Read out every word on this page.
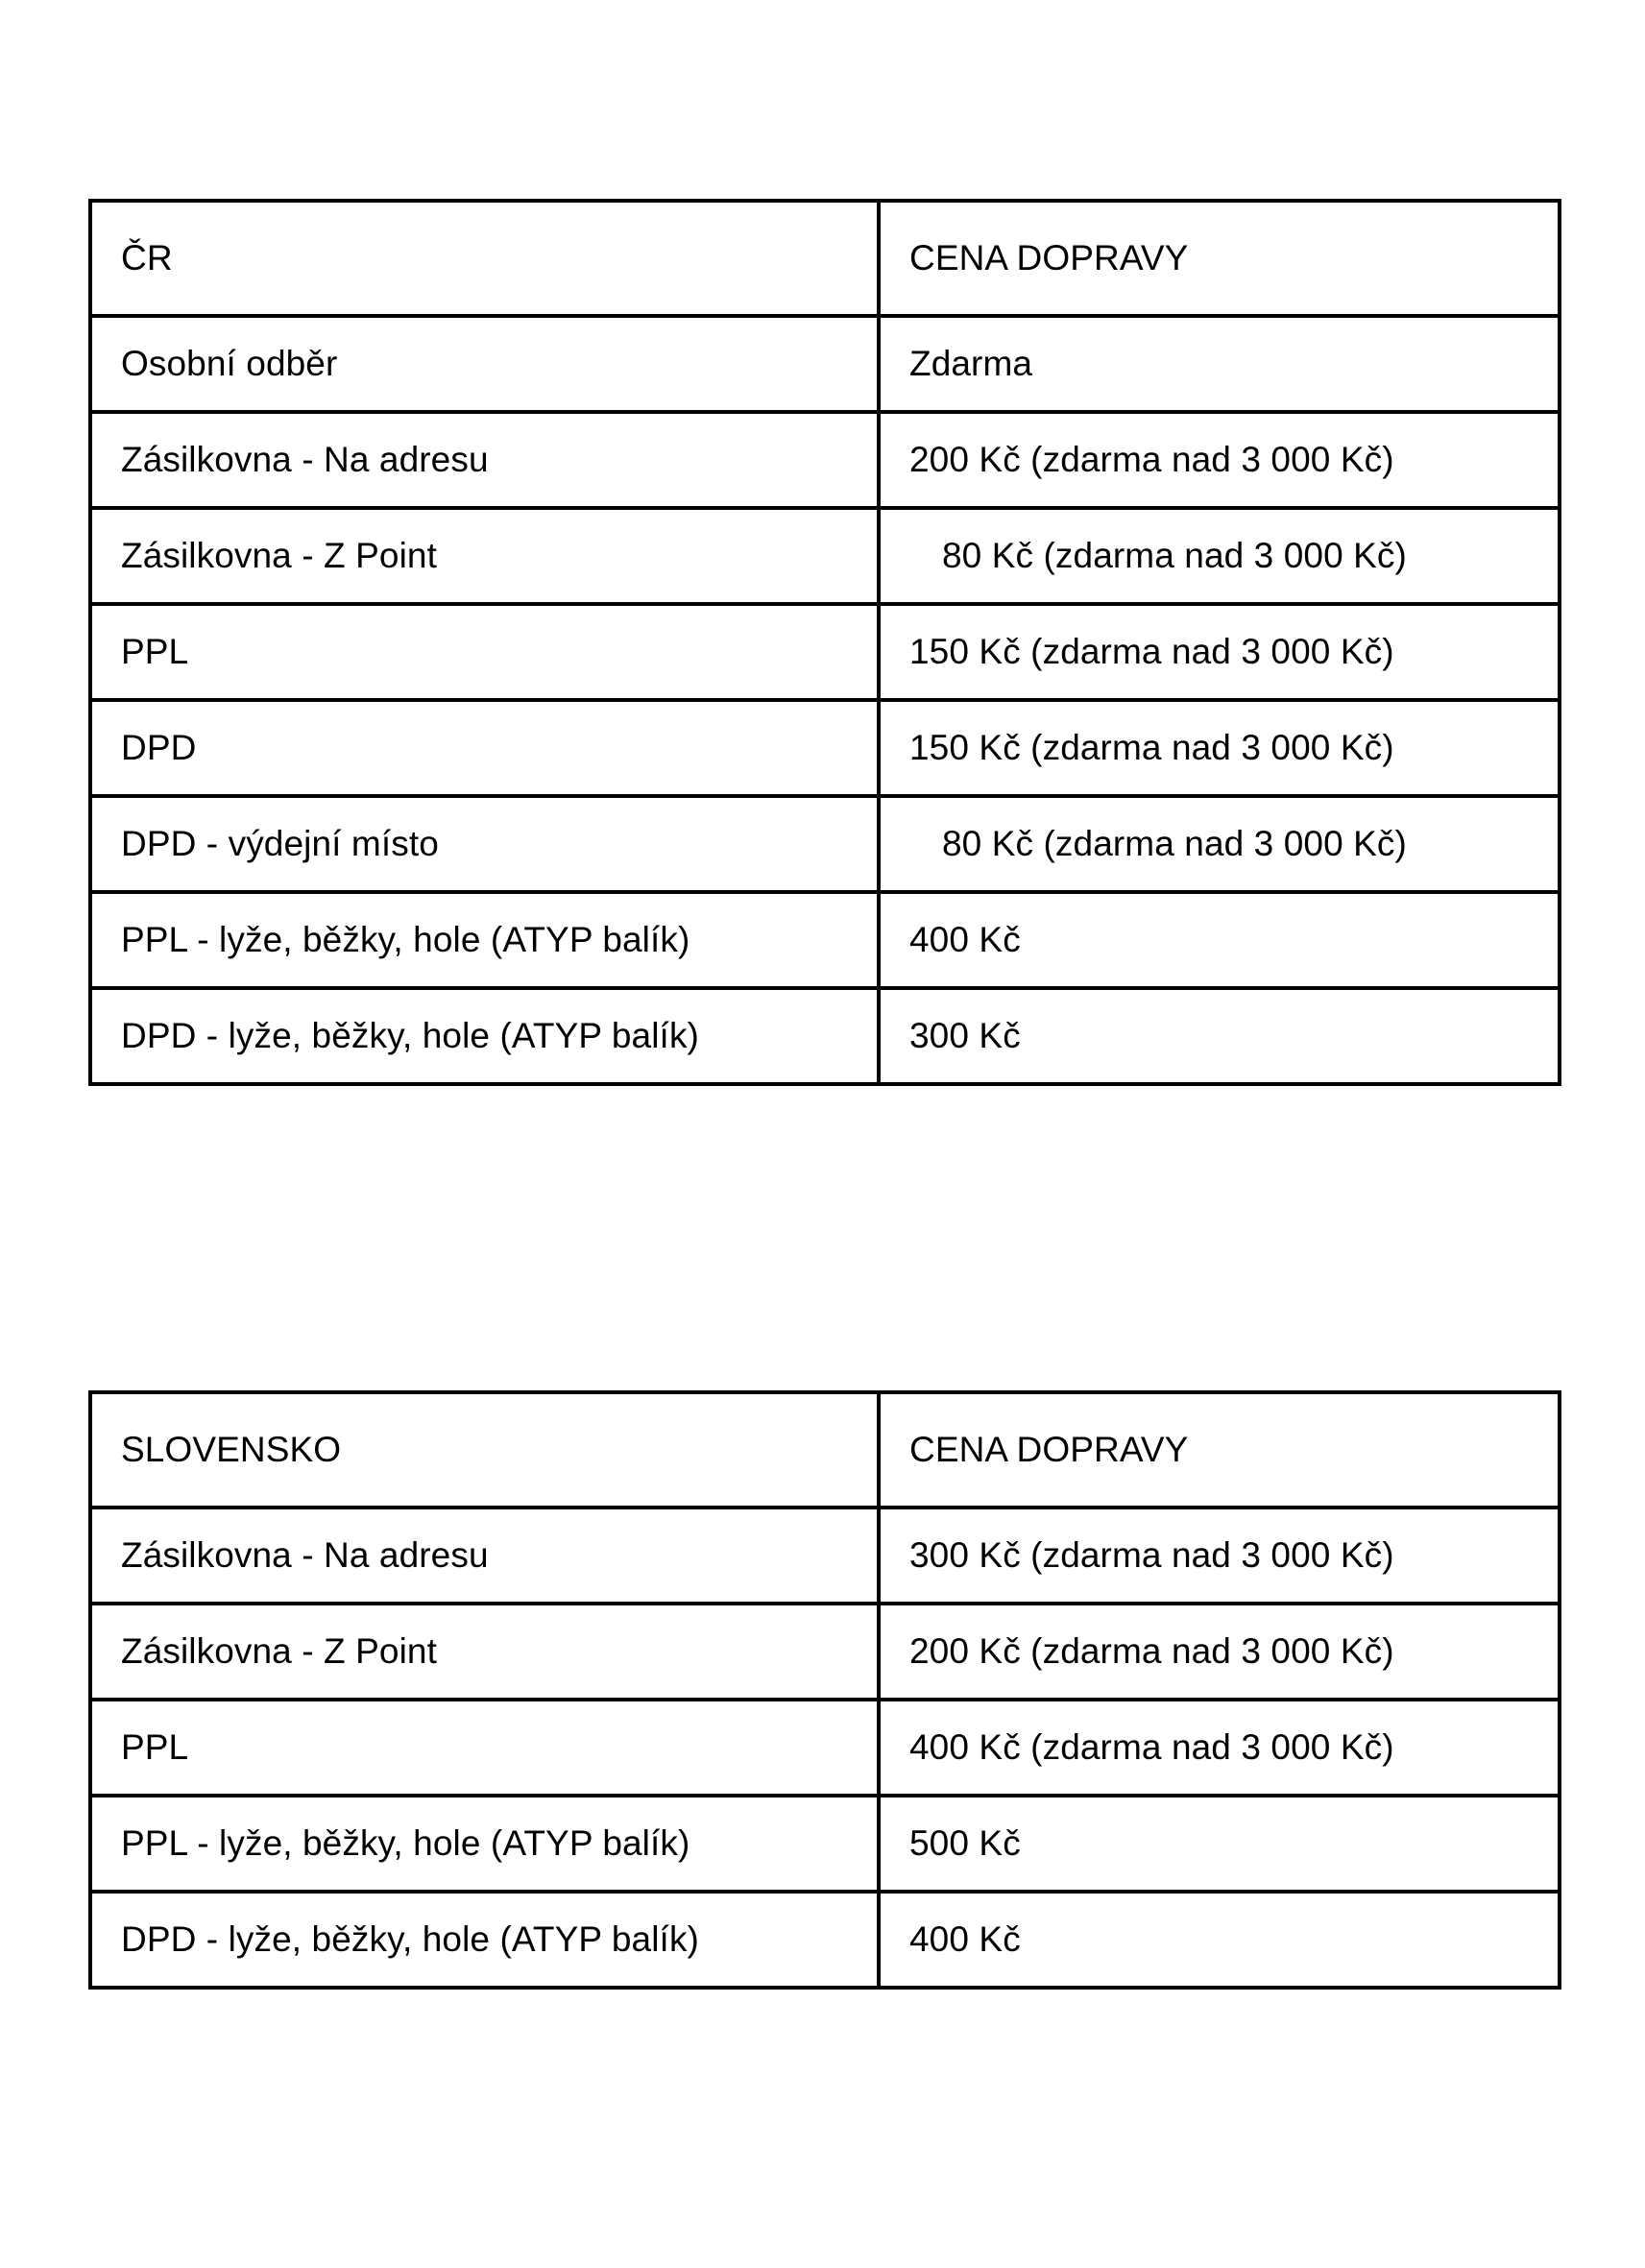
ČR	CENA DOPRAVY
Osobní odběr	Zdarma
Zásilkovna - Na adresu	200 Kč (zdarma nad 3 000 Kč)
Zásilkovna - Z Point	80 Kč (zdarma nad 3 000 Kč)
PPL	150 Kč (zdarma nad 3 000 Kč)
DPD	150 Kč (zdarma nad 3 000 Kč)
DPD - výdejní místo	80 Kč (zdarma nad 3 000 Kč)
PPL - lyže, běžky, hole (ATYP balík)	400 Kč
DPD - lyže, běžky, hole (ATYP balík)	300 Kč
SLOVENSKO	CENA DOPRAVY
Zásilkovna - Na adresu	300 Kč (zdarma nad 3 000 Kč)
Zásilkovna - Z Point	200 Kč (zdarma nad 3 000 Kč)
PPL	400 Kč (zdarma nad 3 000 Kč)
PPL - lyže, běžky, hole (ATYP balík)	500 Kč
DPD - lyže, běžky, hole (ATYP balík)	400 Kč
